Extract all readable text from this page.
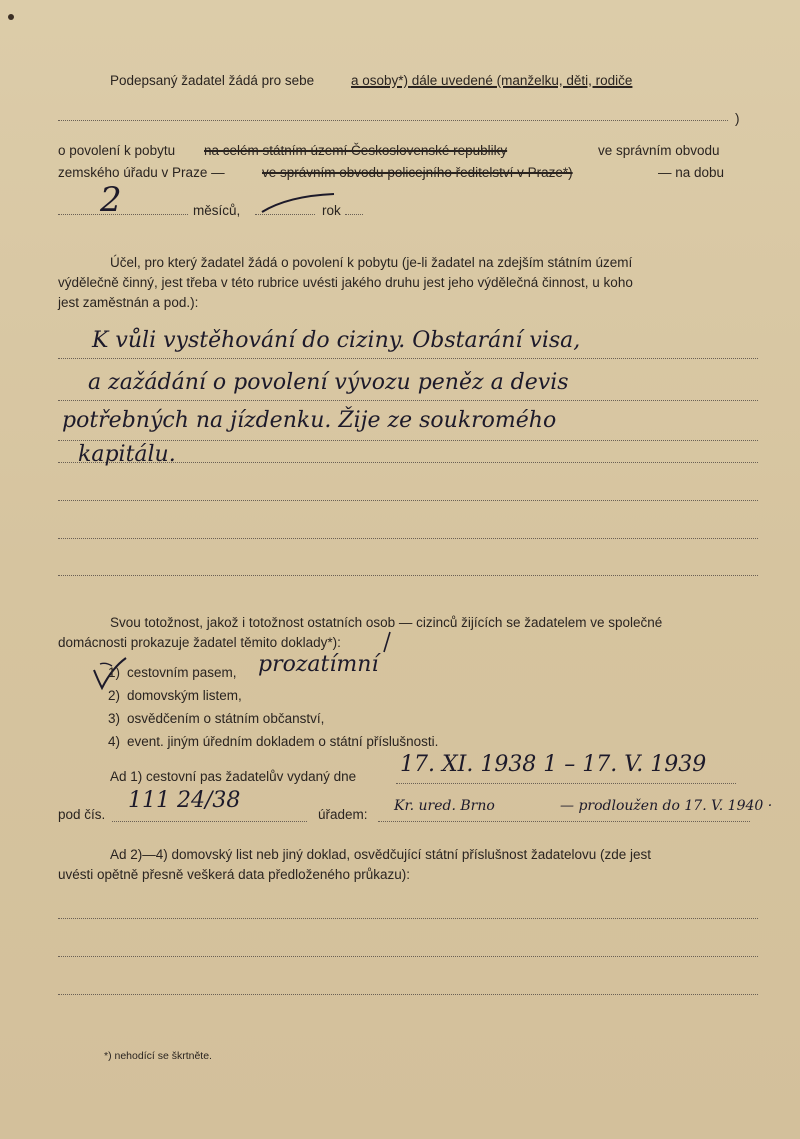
Podepsaný žadatel žádá pro sebe	a osoby*) dále uvedené (manželku, děti, rodiče
)
o povolení k pobytu na celém státním území Československé republiky	ve správním obvodu
zemského úřadu v Praze —	ve správním obvodu policejního ředitelství v Praze*)	— na dobu
2	měsíců,	rok
Účel, pro který žadatel žádá o povolení k pobytu (je-li žadatel na zdejším státním území
výdělečně činný, jest třeba v této rubrice uvésti jakého druhu jest jeho výdělečná činnost, u koho
jest zaměstnán a pod.):
K vůli vystěhování do ciziny. Obstarání visa,
a zažádání o povolení vývozu peněz a devis
potřebných na jízdenku. Žije ze soukromého
kapitálu.
Svou totožnost, jakož i totožnost ostatních osob — cizinců žijících se žadatelem ve společné
domácnosti prokazuje žadatel těmito doklady*):
1) cestovním pasem,
2) domovským listem,
3) osvědčením o státním občanství,
4) event. jiným úředním dokladem o státní příslušnosti.
prozatímní
Ad 1) cestovní pas žadatelův vydaný dne 17. XI. 1938 1 – 17. V. 1939
pod čís.
111 24/38
úřadem:
Kr. ured. Brno	— prodloužen do 17. V. 1940 ·
Ad 2)—4) domovský list neb jiný doklad, osvědčující státní příslušnost žadatelovu (zde jest
uvésti opětně přesně veškerá data předloženého průkazu):
*) nehodící se škrtněte.
